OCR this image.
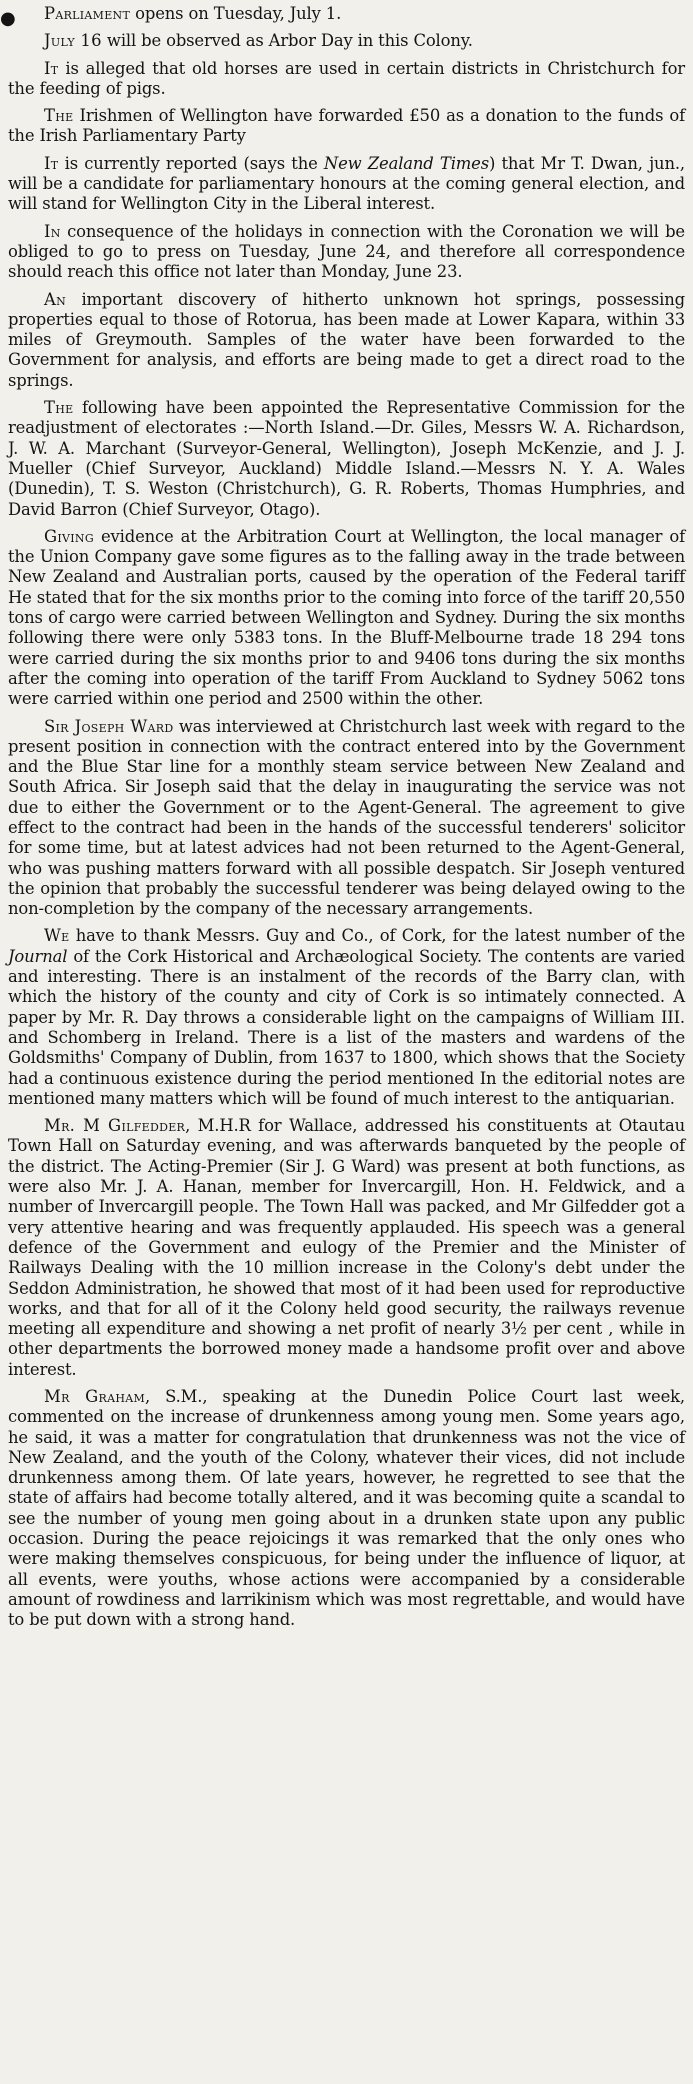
●	Parliament opens on Tuesday, July 1.

July 16 will be observed as Arbor Day in this Colony.

It is alleged that old horses are used in certain districts in Christchurch for the feeding of pigs.

The Irishmen of Wellington have forwarded £50 as a donation to the funds of the Irish Parliamentary Party

It is currently reported (says the New Zealand Times) that Mr T. Dwan, jun., will be a candidate for parliamentary honours at the coming general election, and will stand for Wellington City in the Liberal interest.

In consequence of the holidays in connection with the Coronation we will be obliged to go to press on Tuesday, June 24, and therefore all correspondence should reach this office not later than Monday, June 23.

An important discovery of hitherto unknown hot springs, possessing properties equal to those of Rotorua, has been made at Lower Kapara, within 33 miles of Greymouth. Samples of the water have been forwarded to the Government for analysis, and efforts are being made to get a direct road to the springs.

The following have been appointed the Representative Commission for the readjustment of electorates :—North Island.—Dr. Giles, Messrs W. A. Richardson, J. W. A. Marchant (Surveyor-General, Wellington), Joseph McKenzie, and J. J. Mueller (Chief Surveyor, Auckland) Middle Island.—Messrs N. Y. A. Wales (Dunedin), T. S. Weston (Christchurch), G. R. Roberts, Thomas Humphries, and David Barron (Chief Surveyor, Otago).

Giving evidence at the Arbitration Court at Wellington, the local manager of the Union Company gave some figures as to the falling away in the trade between New Zealand and Australian ports, caused by the operation of the Federal tariff He stated that for the six months prior to the coming into force of the tariff 20,550 tons of cargo were carried between Wellington and Sydney. During the six months following there were only 5383 tons. In the Bluff-Melbourne trade 18 294 tons were carried during the six months prior to and 9406 tons during the six months after the coming into operation of the tariff From Auckland to Sydney 5062 tons were carried within one period and 2500 within the other.

Sir Joseph Ward was interviewed at Christchurch last week with regard to the present position in connection with the contract entered into by the Government and the Blue Star line for a monthly steam service between New Zealand and South Africa. Sir Joseph said that the delay in inaugurating the service was not due to either the Government or to the Agent-General. The agreement to give effect to the contract had been in the hands of the successful tenderers' solicitor for some time, but at latest advices had not been returned to the Agent-General, who was pushing matters forward with all possible despatch. Sir Joseph ventured the opinion that probably the successful tenderer was being delayed owing to the non-completion by the company of the necessary arrangements.

We have to thank Messrs. Guy and Co., of Cork, for the latest number of the Journal of the Cork Historical and Archæological Society. The contents are varied and interesting. There is an instalment of the records of the Barry clan, with which the history of the county and city of Cork is so intimately connected. A paper by Mr. R. Day throws a considerable light on the campaigns of William III. and Schomberg in Ireland. There is a list of the masters and wardens of the Goldsmiths' Company of Dublin, from 1637 to 1800, which shows that the Society had a continuous existence during the period mentioned In the editorial notes are mentioned many matters which will be found of much interest to the antiquarian.

Mr. M Gilfedder, M.H.R for Wallace, addressed his constituents at Otautau Town Hall on Saturday evening, and was afterwards banqueted by the people of the district. The Acting-Premier (Sir J. G Ward) was present at both functions, as were also Mr. J. A. Hanan, member for Invercargill, Hon. H. Feldwick, and a number of Invercargill people. The Town Hall was packed, and Mr Gilfedder got a very attentive hearing and was frequently applauded. His speech was a general defence of the Government and eulogy of the Premier and the Minister of Railways Dealing with the 10 million increase in the Colony's debt under the Seddon Administration, he showed that most of it had been used for reproductive works, and that for all of it the Colony held good security, the railways revenue meeting all expenditure and showing a net profit of nearly 3½ per cent , while in other departments the borrowed money made a handsome profit over and above interest.

Mr Graham, S.M., speaking at the Dunedin Police Court last week, commented on the increase of drunkenness among young men. Some years ago, he said, it was a matter for congratulation that drunkenness was not the vice of New Zealand, and the youth of the Colony, whatever their vices, did not include drunkenness among them. Of late years, however, he regretted to see that the state of affairs had become totally altered, and it was becoming quite a scandal to see the number of young men going about in a drunken state upon any public occasion. During the peace rejoicings it was remarked that the only ones who were making themselves conspicuous, for being under the influence of liquor, at all events, were youths, whose actions were accompanied by a considerable amount of rowdiness and larrikinism which was most regrettable, and would have to be put down with a strong hand.
